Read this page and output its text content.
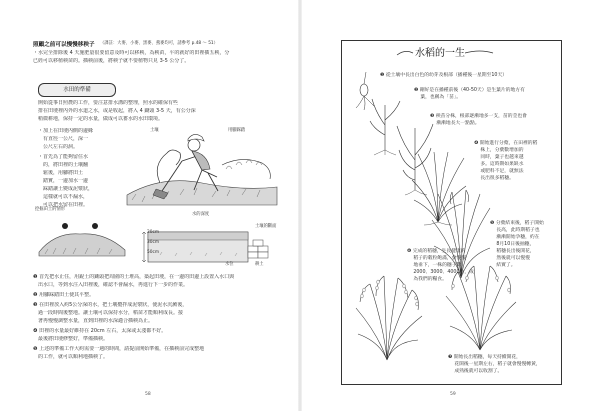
照顧之前可以慢慢移秧子 （課註：大麥、小麥、黑麥、燕麥均可，請參考 p.48 ～ 51）
・水完全排除後 4 天施肥量很要留意及時可以移秧，為秧苗，平的就好的田裡插五秧，分
已經可以移植秧苗的。插秧前後，將秧子就不要植物只見 3-5 公分了。
水田的準備
開始從事日照農的工作，要注意排水溝的整理，照水的確保有些
排在田埂裡內外的水道之水，或是收起，將入 4 鋤頭 3-5 天，有公分深
稍微耕地，保持一定的水量，做成可以蓄水的水田環境。
・加上在田埂內側的邊緣
　有直徑一公尺，深一
　公尺左右的洞。
・首先為了能夠留住水
　的，將田裡的土壤翻
　鬆後，用腳將田土
　踏實，一邊加水一邊
　踩踏讓土變成泥漿狀，
　這樣就可以不漏水，
　可以把水留在田裡。
土壤	用腳踩踏
挖掘田土的情形
水的深度
20cm
30cm
50cm
土壤的斷面
水位	耕土
❶ 首先把水止住，用銳土的鋤頭把周圍的土堆高，築起田埂，在一邊的田邊上設置入水口與
　出水口，等到水注入田裡後，確認不會漏水，再進行下一步的作業。
❷ 用腳踩踏田土使其平整。
❸ 在田裡放入約5公分深的水，把土壤攪拌成泥漿狀，使泥水沉澱後，
　過一段時間後整地。讓土壤可以保持水分，稻苗才能順利成長。接
　著再慢慢調整水量，直到田裡的水深適合插秧為止。
❹ 田裡的水量最好維持在 20cm 左右，太深或太淺都不好。
　最後將田埂修整好，準備插秧。
❺ 上述的準備工作大約需要一週的時間，請提前開始準備，在插秧前完成整地
　的工作，就可以順利地插秧了。
58
水稻的一生
❶ 從土壤中長出白色的幼芽及根部（播種後一星期至10天）
❷ 剛好是在播種前後（40-50天）是生葉片的地方有
　 葉，也稱為「苗」。
❸ 秧苗分株，根部逐漸地多一支，苗的莖也會
　 漸漸地長大一點點。
❹ 開始進行分蘖，在田裡的稻
　 株上，分蘖數增加的
　 同時，葉子也越來越
　 多。這時期如果缺水
　 或肥料不足，就無法
　 長出很多稻穗。
❺ 分蘖結束後，稻子開始
　 長高，此時期稻子也
　 漸漸開始孕穗，約在
　 8月10日後抽穗，
　 稻穗長出後開花，
　 然後就可以慢慢
　 結實了。
❻ 完成的稻穗，生長健康的
　 稻子的穀粒飽滿，會慢慢
　 地垂下，一株的穗子數
　 2000、3000、4000粒，成
　 為我們的糧食。
❼ 開始長出稻穗，每天持續開花，
　 花開後一星期左右，稻子就會慢慢轉黃，
　 成熟後就可以收割了。
59
